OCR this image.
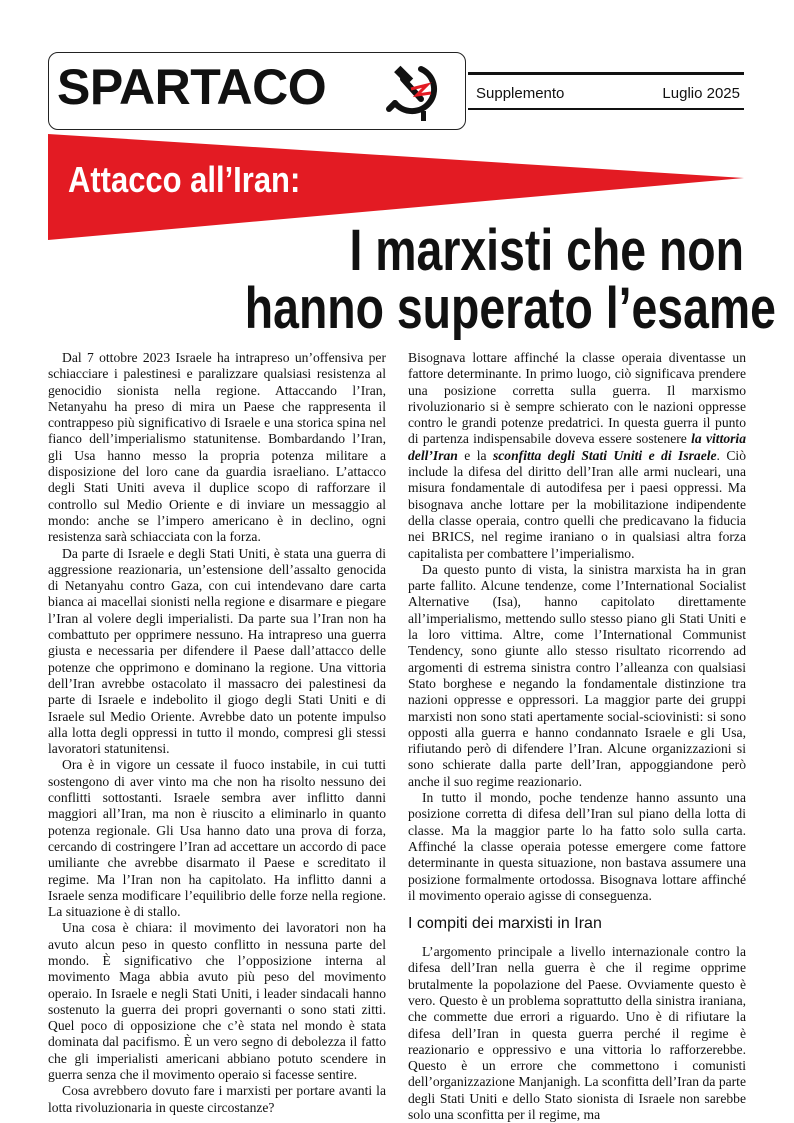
SPARTACO	Supplemento	Luglio 2025
Attacco all’Iran:
I marxisti che non
hanno superato l’esame

Dal 7 ottobre 2023 Israele ha intrapreso un’offensiva per schiacciare i palestinesi e paralizzare qualsiasi resistenza al genocidio sionista nella regione. Attaccando l’Iran, Netanyahu ha preso di mira un Paese che rappresenta il contrappeso più significativo di Israele e una storica spina nel fianco dell’imperialismo statunitense. Bombardando l’Iran, gli Usa hanno messo la propria potenza militare a disposizione del loro cane da guardia israeliano. L’attacco degli Stati Uniti aveva il duplice scopo di rafforzare il controllo sul Medio Oriente e di inviare un messaggio al mondo: anche se l’impero americano è in declino, ogni resistenza sarà schiacciata con la forza.

Da parte di Israele e degli Stati Uniti, è stata una guerra di aggressione reazionaria, un’estensione dell’assalto genocida di Netanyahu contro Gaza, con cui intendevano dare carta bianca ai macellai sionisti nella regione e disarmare e piegare l’Iran al volere degli imperialisti. Da parte sua l’Iran non ha combattuto per opprimere nessuno. Ha intrapreso una guerra giusta e necessaria per difendere il Paese dall’attacco delle potenze che opprimono e dominano la regione. Una vittoria dell’Iran avrebbe ostacolato il massacro dei palestinesi da parte di Israele e indebolito il giogo degli Stati Uniti e di Israele sul Medio Oriente. Avrebbe dato un potente impulso alla lotta degli oppressi in tutto il mondo, compresi gli stessi lavoratori statunitensi.

Ora è in vigore un cessate il fuoco instabile, in cui tutti sostengono di aver vinto ma che non ha risolto nessuno dei conflitti sottostanti. Israele sembra aver inflitto danni maggiori all’Iran, ma non è riuscito a eliminarlo in quanto potenza regionale. Gli Usa hanno dato una prova di forza, cercando di costringere l’Iran ad accettare un accordo di pace umiliante che avrebbe disarmato il Paese e screditato il regime. Ma l’Iran non ha capitolato. Ha inflitto danni a Israele senza modificare l’equilibrio delle forze nella regione. La situazione è di stallo.

Una cosa è chiara: il movimento dei lavoratori non ha avuto alcun peso in questo conflitto in nessuna parte del mondo. È significativo che l’opposizione interna al movimento Maga abbia avuto più peso del movimento operaio. In Israele e negli Stati Uniti, i leader sindacali hanno sostenuto la guerra dei propri governanti o sono stati zitti. Quel poco di opposizione che c’è stata nel mondo è stata dominata dal pacifismo. È un vero segno di debolezza il fatto che gli imperialisti americani abbiano potuto scendere in guerra senza che il movimento operaio si facesse sentire.

Cosa avrebbero dovuto fare i marxisti per portare avanti la lotta rivoluzionaria in queste circostanze?

Bisognava lottare affinché la classe operaia diventasse un fattore determinante. In primo luogo, ciò significava prendere una posizione corretta sulla guerra. Il marxismo rivoluzionario si è sempre schierato con le nazioni oppresse contro le grandi potenze predatrici. In questa guerra il punto di partenza indispensabile doveva essere sostenere la vittoria dell’Iran e la sconfitta degli Stati Uniti e di Israele. Ciò include la difesa del diritto dell’Iran alle armi nucleari, una misura fondamentale di autodifesa per i paesi oppressi. Ma bisognava anche lottare per la mobilitazione indipendente della classe operaia, contro quelli che predicavano la fiducia nei BRICS, nel regime iraniano o in qualsiasi altra forza capitalista per combattere l’imperialismo.

Da questo punto di vista, la sinistra marxista ha in gran parte fallito. Alcune tendenze, come l’International Socialist Alternative (Isa), hanno capitolato direttamente all’imperialismo, mettendo sullo stesso piano gli Stati Uniti e la loro vittima. Altre, come l’International Communist Tendency, sono giunte allo stesso risultato ricorrendo ad argomenti di estrema sinistra contro l’alleanza con qualsiasi Stato borghese e negando la fondamentale distinzione tra nazioni oppresse e oppressori. La maggior parte dei gruppi marxisti non sono stati apertamente social-sciovinisti: si sono opposti alla guerra e hanno condannato Israele e gli Usa, rifiutando però di difendere l’Iran. Alcune organizzazioni si sono schierate dalla parte dell’Iran, appoggiandone però anche il suo regime reazionario.

In tutto il mondo, poche tendenze hanno assunto una posizione corretta di difesa dell’Iran sul piano della lotta di classe. Ma la maggior parte lo ha fatto solo sulla carta. Affinché la classe operaia potesse emergere come fattore determinante in questa situazione, non bastava assumere una posizione formalmente ortodossa. Bisognava lottare affinché il movimento operaio agisse di conseguenza.

I compiti dei marxisti in Iran

L’argomento principale a livello internazionale contro la difesa dell’Iran nella guerra è che il regime opprime brutalmente la popolazione del Paese. Ovviamente questo è vero. Questo è un problema soprattutto della sinistra iraniana, che commette due errori a riguardo. Uno è di rifiutare la difesa dell’Iran in questa guerra perché il regime è reazionario e oppressivo e una vittoria lo rafforzerebbe. Questo è un errore che commettono i comunisti dell’organizzazione Manjanigh. La sconfitta dell’Iran da parte degli Stati Uniti e dello Stato sionista di Israele non sarebbe solo una sconfitta per il regime, ma
